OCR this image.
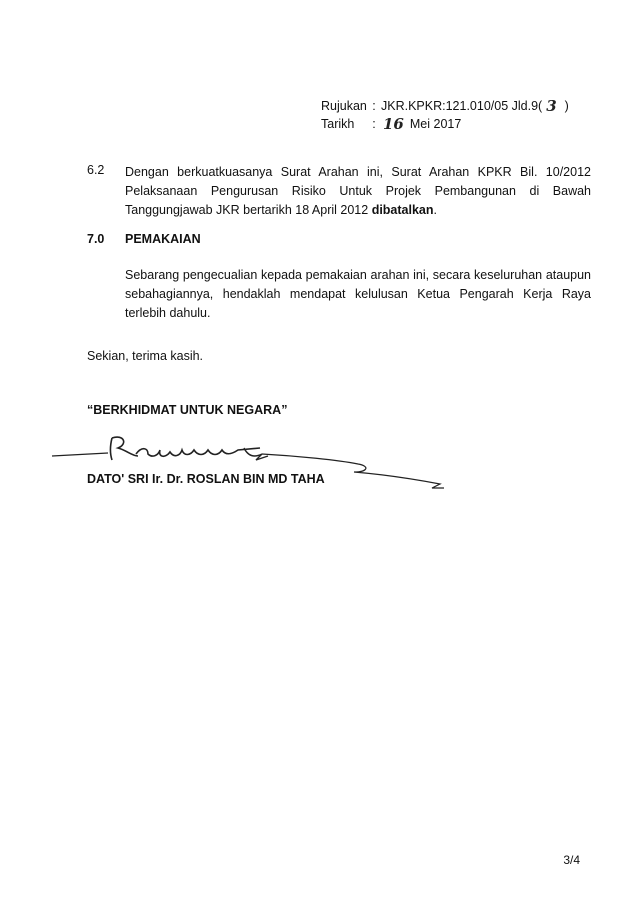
Rujukan : JKR.KPKR:121.010/05 Jld.9( 3 )
Tarikh	: 16 Mei 2017
6.2 Dengan berkuatkuasanya Surat Arahan ini, Surat Arahan KPKR Bil. 10/2012 Pelaksanaan Pengurusan Risiko Untuk Projek Pembangunan di Bawah Tanggungjawab JKR bertarikh 18 April 2012 dibatalkan.
7.0 PEMAKAIAN
Sebarang pengecualian kepada pemakaian arahan ini, secara keseluruhan ataupun sebahagiannya, hendaklah mendapat kelulusan Ketua Pengarah Kerja Raya terlebih dahulu.
Sekian, terima kasih.
“BERKHIDMAT UNTUK NEGARA”
DATO' SRI Ir. Dr. ROSLAN BIN MD TAHA
3/4
